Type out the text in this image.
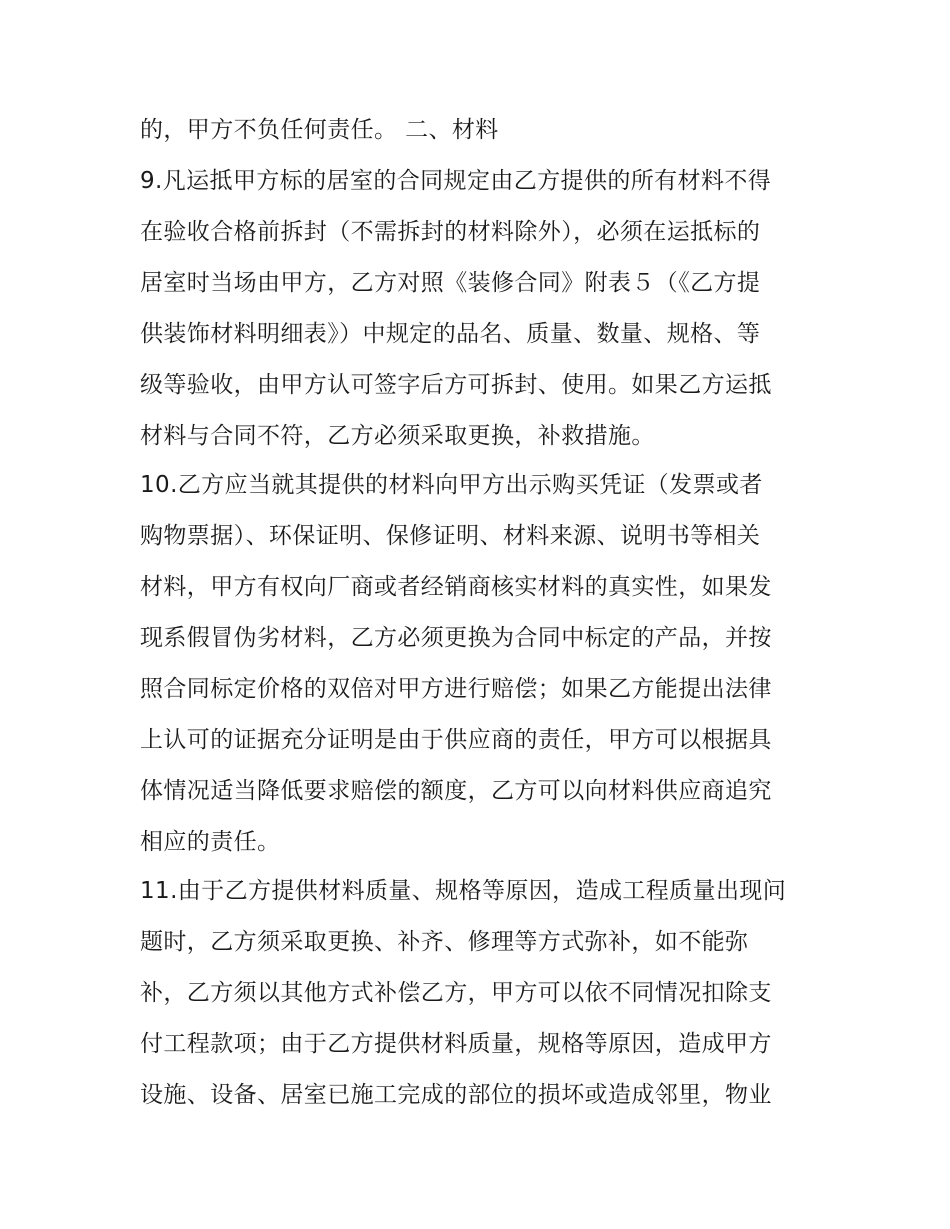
的，甲方不负任何责任。 二、材料

9.凡运抵甲方标的居室的合同规定由乙方提供的所有材料不得

在验收合格前拆封（不需拆封的材料除外），必须在运抵标的

居室时当场由甲方，乙方对照《装修合同》附表５（《乙方提

供装饰材料明细表》）中规定的品名、质量、数量、规格、等

级等验收，由甲方认可签字后方可拆封、使用。如果乙方运抵

材料与合同不符，乙方必须采取更换，补救措施。

10.乙方应当就其提供的材料向甲方出示购买凭证（发票或者

购物票据）、环保证明、保修证明、材料来源、说明书等相关

材料，甲方有权向厂商或者经销商核实材料的真实性，如果发

现系假冒伪劣材料，乙方必须更换为合同中标定的产品，并按

照合同标定价格的双倍对甲方进行赔偿；如果乙方能提出法律

上认可的证据充分证明是由于供应商的责任，甲方可以根据具

体情况适当降低要求赔偿的额度，乙方可以向材料供应商追究

相应的责任。

11.由于乙方提供材料质量、规格等原因，造成工程质量出现问

题时，乙方须采取更换、补齐、修理等方式弥补，如不能弥

补，乙方须以其他方式补偿乙方，甲方可以依不同情况扣除支

付工程款项；由于乙方提供材料质量，规格等原因，造成甲方

设施、设备、居室已施工完成的部位的损坏或造成邻里，物业
